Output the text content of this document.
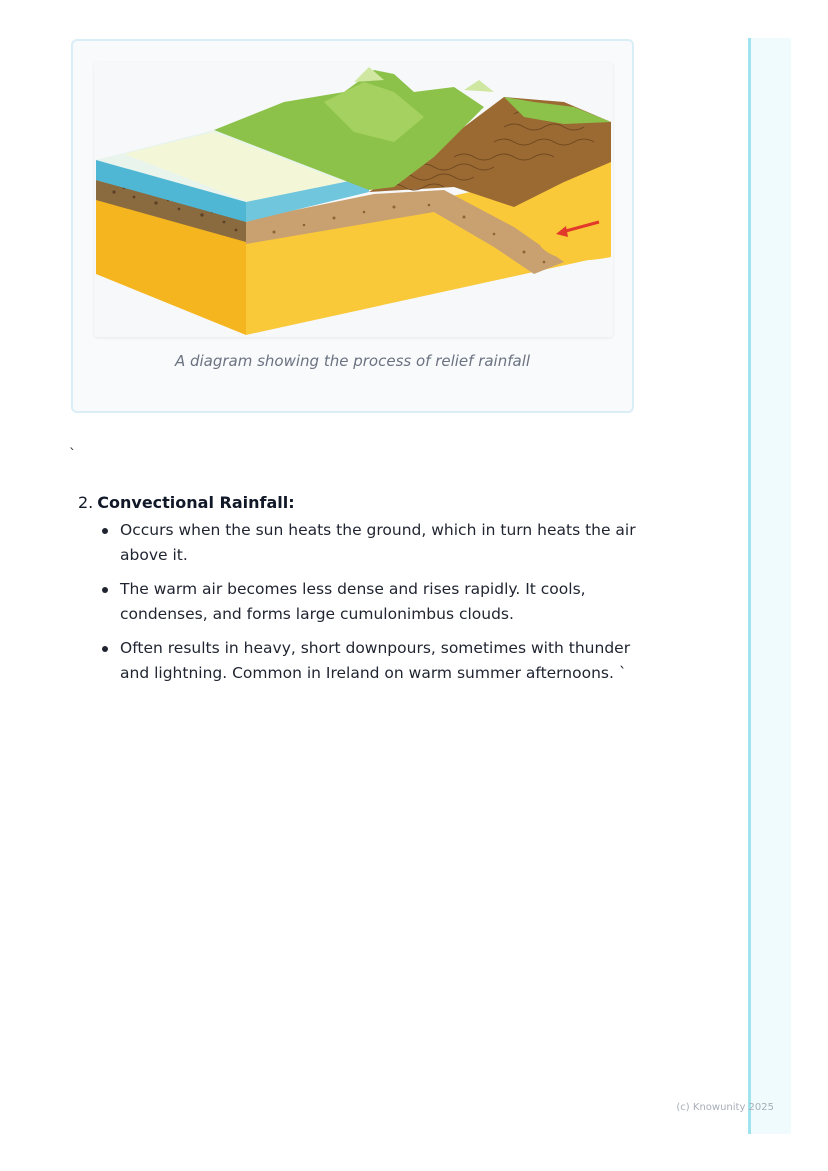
A diagram showing the process of relief rainfall
`
2. Convectional Rainfall:
Occurs when the sun heats the ground, which in turn heats the air above it.
The warm air becomes less dense and rises rapidly. It cools, condenses, and forms large cumulonimbus clouds.
Often results in heavy, short downpours, sometimes with thunder and lightning. Common in Ireland on warm summer afternoons. `
(c) Knowunity 2025
